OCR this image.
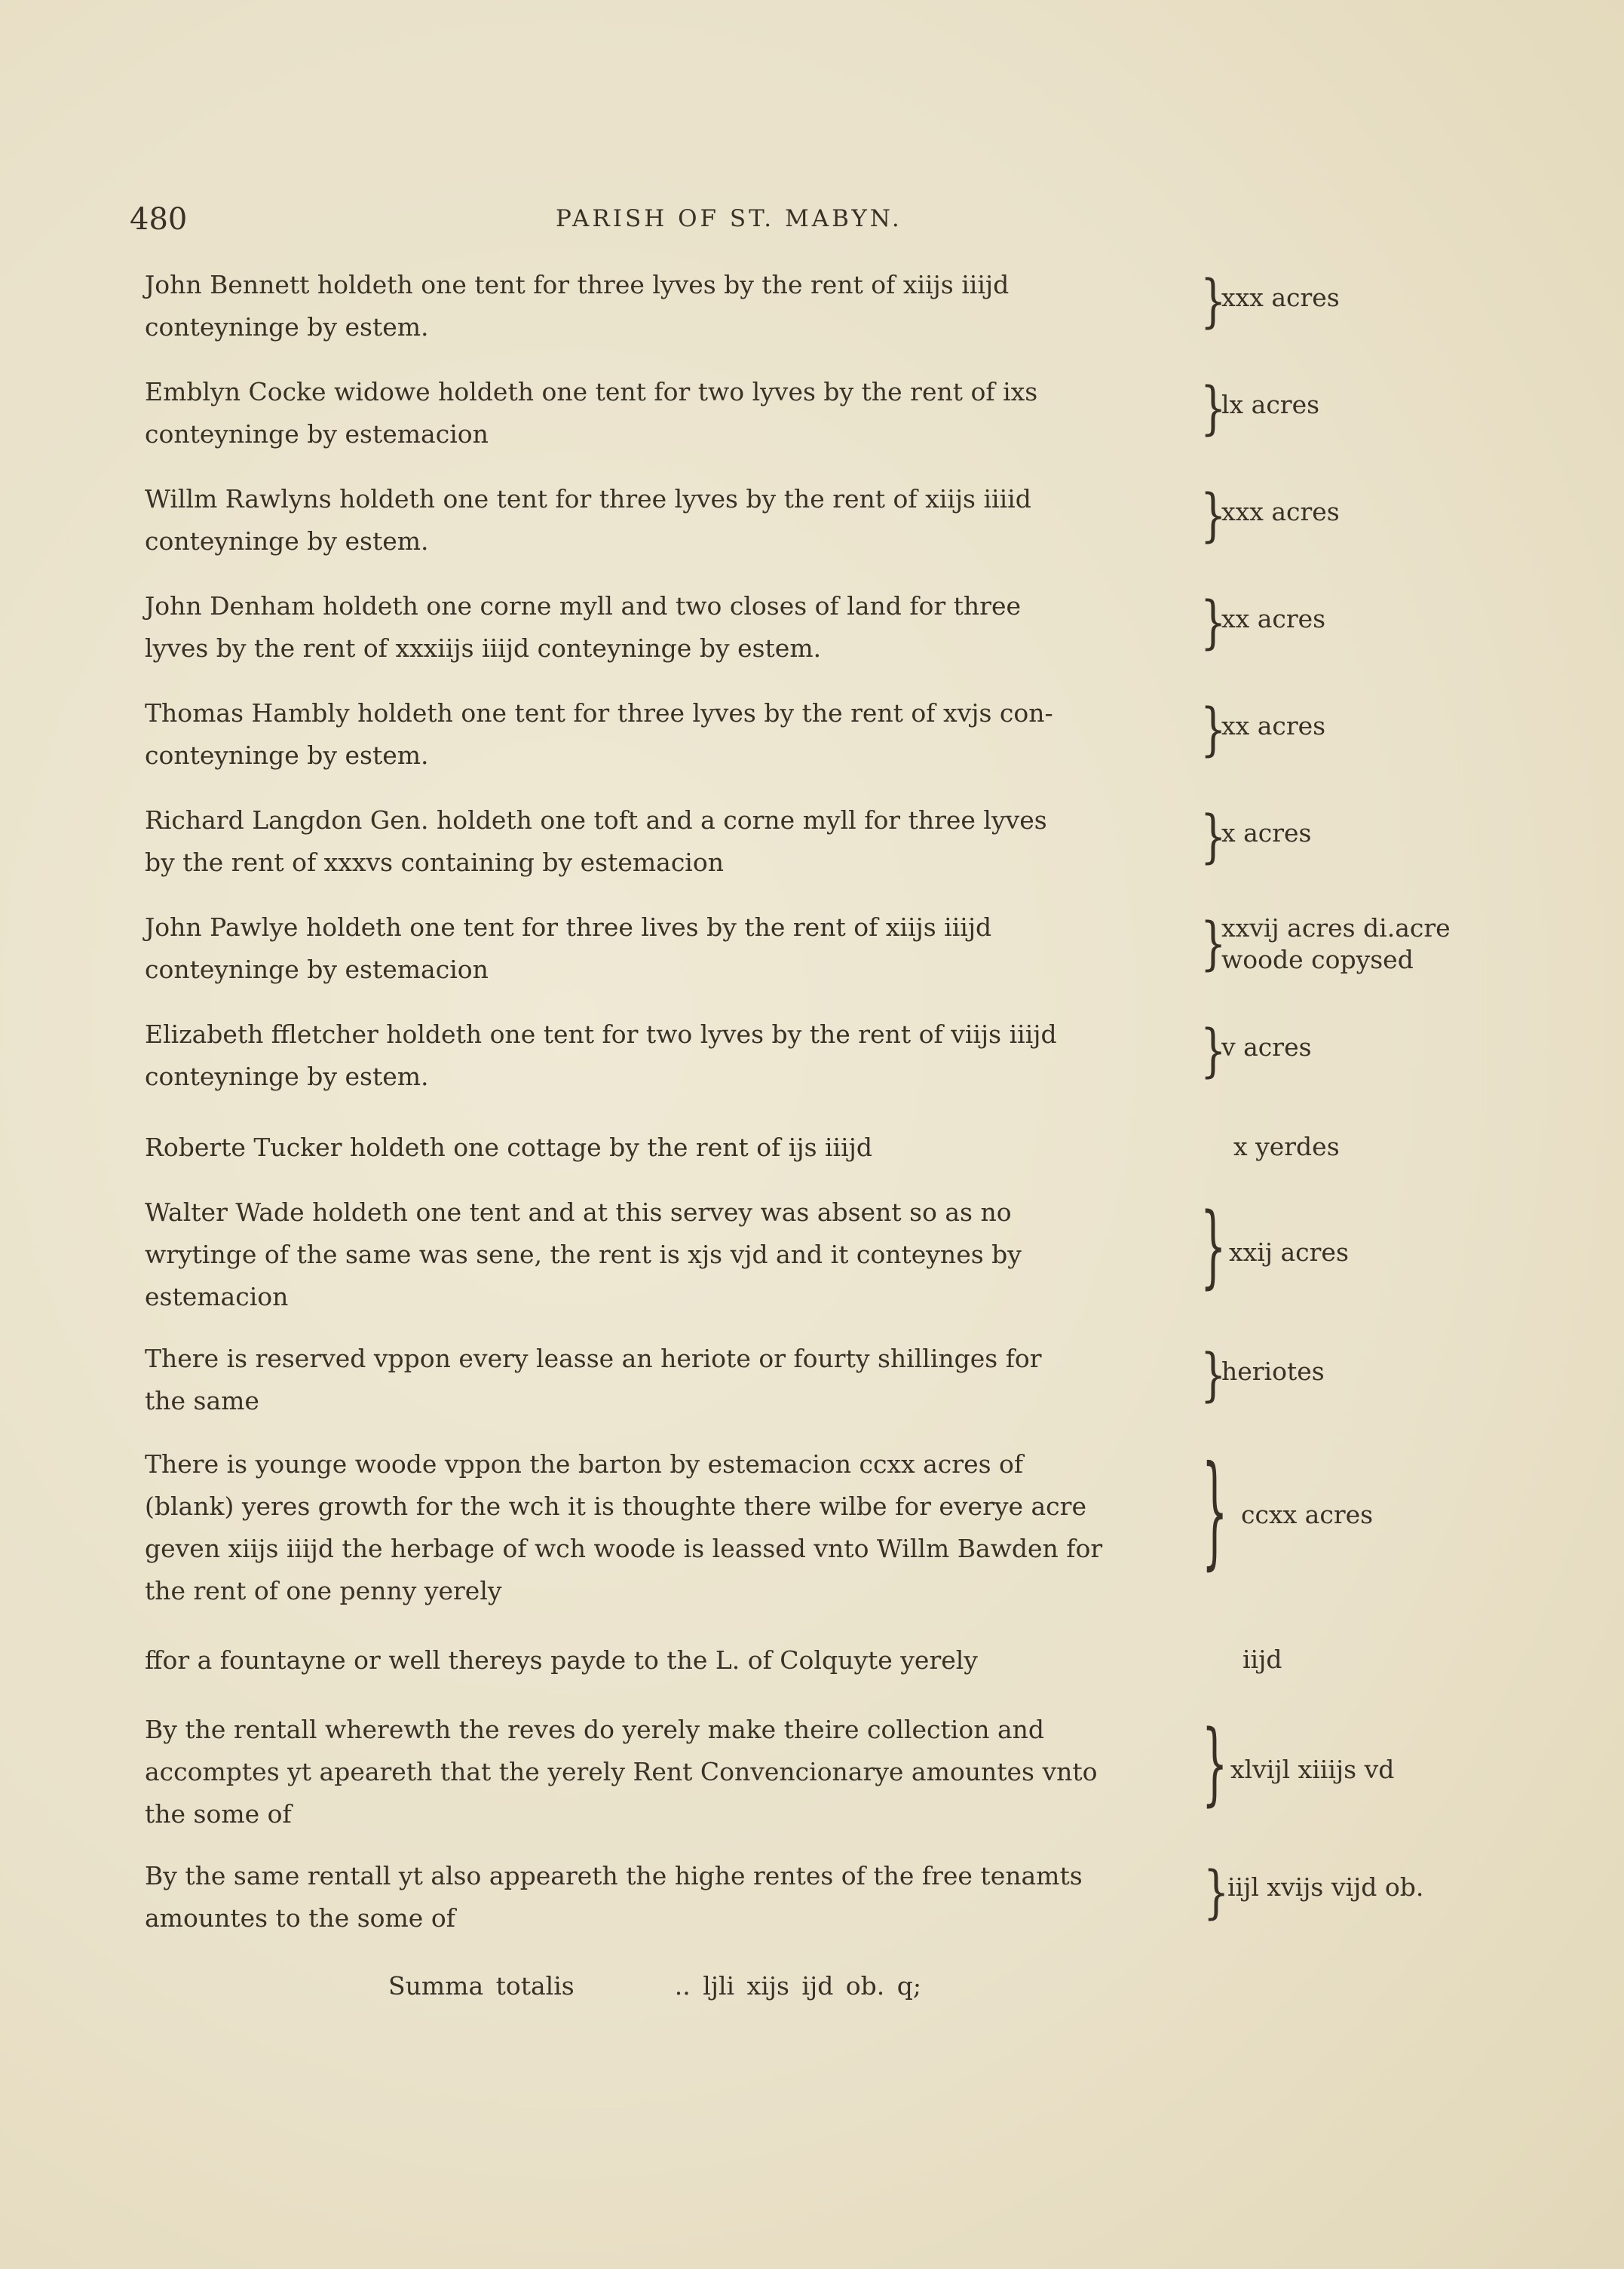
480	PARISH OF ST. MABYN.
John Bennett holdeth one tent for three lyves by the rent of xiijs iiijd
conteyninge by estem.	}
xxx acres
Emblyn Cocke widowe holdeth one tent for two lyves by the rent of ixs
conteyninge by estemacion	}
lx acres
Willm Rawlyns holdeth one tent for three lyves by the rent of xiijs iiiid
conteyninge by estem.	}
xxx acres
John Denham holdeth one corne myll and two closes of land for three
lyves by the rent of xxxiijs iiijd conteyninge by estem.	}
xx acres
Thomas Hambly holdeth one tent for three lyves by the rent of xvjs con-
conteyninge by estem.	}
xx acres
Richard Langdon Gen. holdeth one toft and a corne myll for three lyves
by the rent of xxxvs containing by estemacion	}
x acres
John Pawlye holdeth one tent for three lives by the rent of xiijs iiijd
conteyninge by estemacion	}
xxvij acres di.acre
woode copysed
Elizabeth ffletcher holdeth one tent for two lyves by the rent of viijs iiijd
conteyninge by estem.	}
v acres
Roberte Tucker holdeth one cottage by the rent of ijs iiijd	x yerdes
Walter Wade holdeth one tent and at this servey was absent so as no
wrytinge of the same was sene, the rent is xjs vjd and it conteynes by
estemacion	} xxij acres
There is reserved vppon every leasse an heriote or fourty shillinges for
the same	}
heriotes
There is younge woode vppon the barton by estemacion ccxx acres of
(blank) yeres growth for the wch it is thoughte there wilbe for everye acre
geven xiijs iiijd the herbage of wch woode is leassed vnto Willm Bawden for
the rent of one penny yerely
} ccxx acres
ffor a fountayne or well thereys payde to the L. of Colquyte yerely	iijd
By the rentall wherewth the reves do yerely make theire collection and
accomptes yt apeareth that the yerely Rent Convencionarye amountes vnto
the some of	} xlvijl xiiijs vd
By the same rentall yt also appeareth the highe rentes of the free tenamts
amountes to the some of	}
iijl xvijs vijd ob.
Summa totalis	.. ljli xijs ijd ob. q;
